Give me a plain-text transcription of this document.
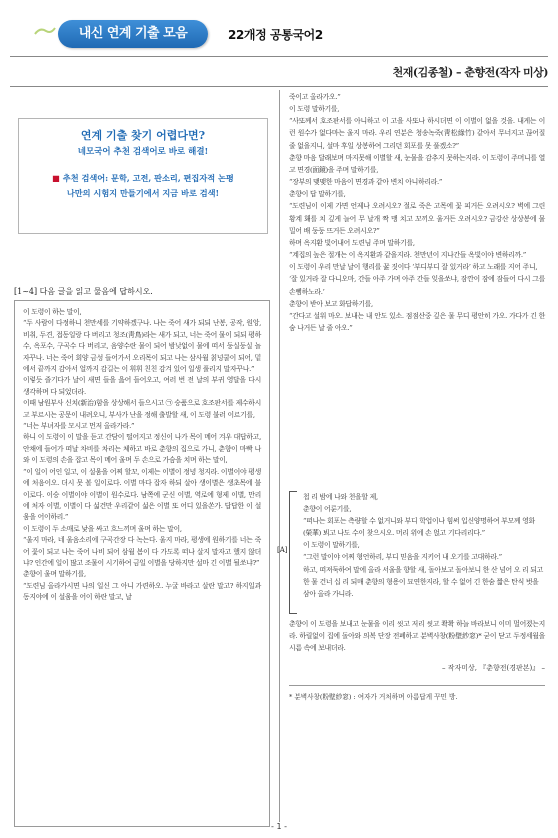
내신 연계 기출 모음	22개정 공통국어2
천재(김종철) – 춘향전(작자 미상)
연계 기출 찾기 어렵다면?
네모국어 추천 검색어로 바로 해결!
■ 추천 검색어: 문학, 고전, 판소리, 편집자적 논평
나만의 시험지 만들기에서 지금 바로 검색!
[1~4] 다음 글을 읽고 물음에 답하시오.

이 도령이 하는 말이,

“두 사람이 다정하니 천만세를 기약하겠구나. 나는 죽어 새가 되되 난봉, 공작, 원앙, 비취, 두견, 접동일랑 다 버리고 청조(靑鳥)라는 새가 되고, 너는 죽어 물이 되되 평하수, 옥포수, 구곡수 다 버리고, 음양수란 물이 되어 밤낮없이 물에 떠서 둥실둥실 놀자꾸나. 너는 죽어 회양 금성 들어가서 오리목이 되고 나는 삼사월 칡넝쿨이 되어, 밑에서 끝까지 감아서 얼까지 감길는 이 휘휘 친친 감겨 있어 일생 풀리지 말자꾸나.”

이렇듯 즐기다가 날이 새면 들을 읊어 들어오고, 여러 번 전 날의 부귀 영달을 다시 생각하며 다 되었더라.

이때 남원부사 신치(新治)함을 상상해서 들으시고 ㉠ 승품으로 호조판서를 제수하시고 부르시는 공문이 내려오니, 부사가 난을 정해 출발할 새, 이 도령 불러 이르기를,

“너는 부녀자를 모시고 먼저 올라가라.”

하니 이 도령이 이 말을 듣고 간담이 떨어지고 정신이 나가 목이 메어 겨우 대답하고, 안채에 들어가 떠날 차비를 차리는 체하고 바로 춘향의 집으로 가니, 춘향이 마빡 나와 이 도령의 손을 잡고 목이 메어 울며 두 손으로 가슴을 치며 하는 말이,

“이 일이 어인 일고, 이 설움을 어찌 할꼬, 이제는 이별이 정녕 청지라. 이별이야 평생에 처음이오. 더시 못 볼 일이로다. 이별 마다 잡자 하되 살아 생이별은 생초목에 불이로다. 이승 이별이야 이별이 원수로다. 남쪽에 군신 이별, 역로에 형제 이별, 만리에 처자 이별, 이별이 다 섧건만 우리같이 섧은 이별 또 어디 있을쏜가. 답답한 이 설움을 어이하리.”

이 도령이 두 소매로 낯을 싸고 흐느끼며 울며 하는 말이,

“울지 마라, 네 울음소리에 구곡간장 다 녹는다. 울지 마라, 평생에 원하기를 너는 죽어 꽃이 되고 나는 죽어 나비 되어 삼월 봄이 다 가도록 떠나 살지 말자고 했지 않더냐? 인간에 일이 많고 조물이 시기하여 금일 이별을 당하지만 설마 긴 이별 될쏘냐?”

춘향이 울며 말하기를,

“도련님 올라가시면 나의 일신 그 아니 가련하오. 누굴 바라고 살란 말고? 하지일과 동지야에 이 설움을 어이 하란 말고, 날

죽이고 올라가오.”

이 도령 말하기를,

“사또께서 호조판서를 아니하고 이 고을 사또나 하시더면 이 이별이 없을 것을. 내게는 이런 원수가 없다마는 울지 마라. 우리 연분은 청송녹죽(靑松綠竹) 같아서 무너지고 끊어질 줄 없을지니, 설마 후일 상봉하여 그리던 회포를 못 풀겠소?”

춘향 마음 달래보며 마지못해 이별할 새, 눈물을 감추지 못하는지라. 이 도령이 주머니를 열고 면경(面鏡)을 주며 말하기를,

“장부의 맺맺한 마음이 면경과 같아 변치 아니하리라.”

춘향이 답 말하기를,

“도련님이 이제 가면 언제나 오려시오? 절로 죽은 고목에 꽃 피거든 오려시오? 벽에 그린 황계 홰를 치 깊게 늘어 무 날개 짝 맹 치고 꼬끼오 울거든 오려시오? 금강산 상상봉에 물 밀어 배 둥둥 뜨거든 오려시오?”

하며 옥지환 빛어내어 도련님 주며 말하기를,

“계집의 높은 절개는 이 옥지환과 같을지라. 천만년이 지나간들 옥빛이야 변하리까.”

이 도령이 우리 만날 날이 행리를 꿇 짓이다 ‘부디부디 잘 있거라’ 하고 노래를 지어 주니,

‘잘 있거라 잘 다니오마, 간들 아주 가며 아주 간들 잊을쏘냐, 잠깐이 잠에 잠들어 다시 그를 손뼘하노라.’

춘향이 받아 보고 화답하기를,

“간다고 설워 마오. 보내는 내 안도 있소. 점점산중 깊은 물 무디 평안히 가오. 가다가 긴 한숨 나거든 날 줄 아오.”

[A]

첩 리 밤에 나와 천을할 제,

춘향이 어룬기를,

“떠나는 회포는 측량할 수 없거니와 부디 학업이나 힘써 입신양명하여 부모께 영화(榮華) 뵈고 나도 수이 찾으시오. 머리 위에 손 얹고 기다리리다.”

이 도령이 말하기를,

“그런 말이야 어찌 형언하리, 부디 믿음을 지키어 내 오기를 고대하라.”

하고, 떠져둑하여 말에 올라 서울을 향할 새, 돌아보고 돌아보니 한 산 넘어 오 리 되고 한 물 건너 십 리 되매 춘향의 형용이 묘연한지라, 할 수 없어 긴 한숨 짧은 탄식 벗을 삼아 올라 가니라.

춘향이 이 도령을 보내고 눈물을 이리 씻고 저리 씻고 쫙쫙 하늘 바라보니 이미 멀어졌는지라. 하릴없이 집에 돌아와 의복 단장 전폐하고 분벽사창(粉壁紗窓)* 굳이 닫고 두정세월을 시름 속에 보내더라.

– 작자미상, 『춘향전(경판본)』 –
* 분벽사창(粉壁紗窓) : 여자가 거처하며 아름답게 꾸민 방.
- 1 -
